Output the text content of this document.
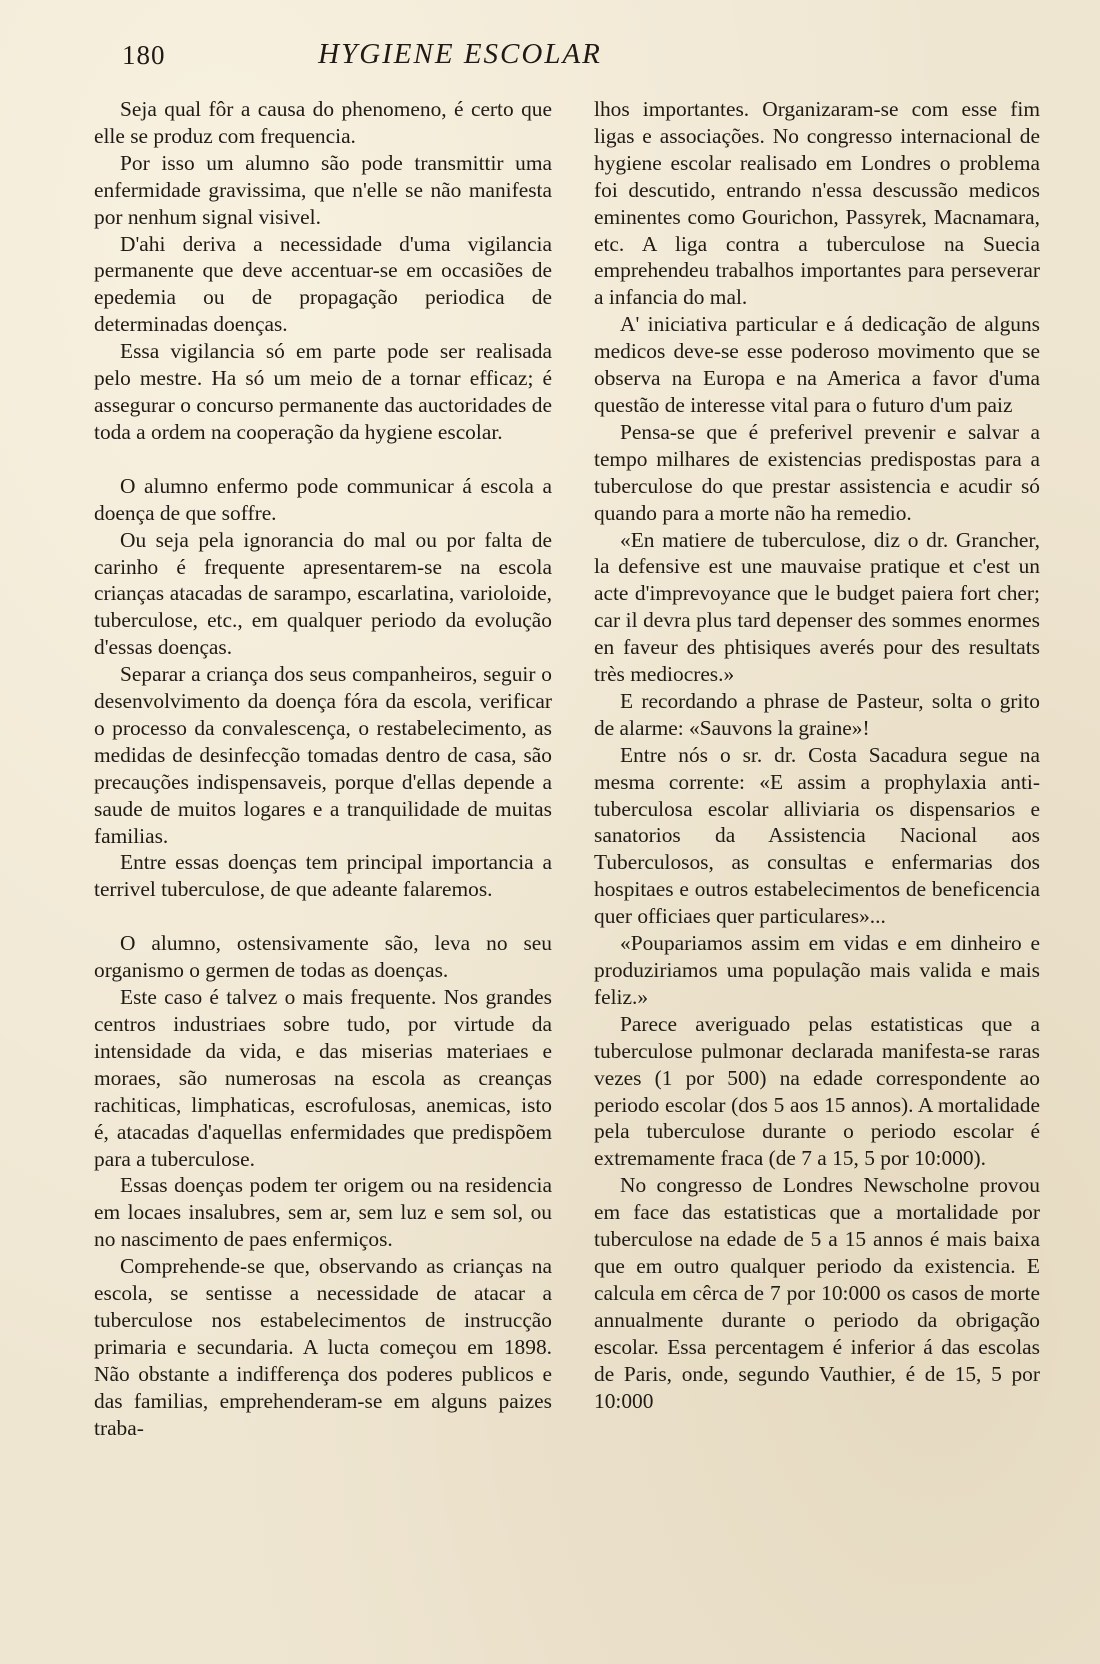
180	HYGIENE ESCOLAR

Seja qual fôr a causa do phenomeno, é certo que elle se produz com frequencia.

Por isso um alumno são pode transmittir uma enfermidade gravissima, que n'elle se não manifesta por nenhum signal visivel.

D'ahi deriva a necessidade d'uma vigilancia permanente que deve accentuar-se em occasiões de epedemia ou de propagação periodica de determinadas doenças.

Essa vigilancia só em parte pode ser realisada pelo mestre. Ha só um meio de a tornar efficaz; é assegurar o concurso permanente das auctoridades de toda a ordem na cooperação da hygiene escolar.

O alumno enfermo pode communicar á escola a doença de que soffre.

Ou seja pela ignorancia do mal ou por falta de carinho é frequente apresentarem-se na escola crianças atacadas de sarampo, escarlatina, varioloide, tuberculose, etc., em qualquer periodo da evolução d'essas doenças.

Separar a criança dos seus companheiros, seguir o desenvolvimento da doença fóra da escola, verificar o processo da convalescença, o restabelecimento, as medidas de desinfecção tomadas dentro de casa, são precauções indispensaveis, porque d'ellas depende a saude de muitos logares e a tranquilidade de muitas familias.

Entre essas doenças tem principal importancia a terrivel tuberculose, de que adeante falaremos.

O alumno, ostensivamente são, leva no seu organismo o germen de todas as doenças.

Este caso é talvez o mais frequente. Nos grandes centros industriaes sobre tudo, por virtude da intensidade da vida, e das miserias materiaes e moraes, são numerosas na escola as creanças rachiticas, limphaticas, escrofulosas, anemicas, isto é, atacadas d'aquellas enfermidades que predispõem para a tuberculose.

Essas doenças podem ter origem ou na residencia em locaes insalubres, sem ar, sem luz e sem sol, ou no nascimento de paes enfermiços.

Comprehende-se que, observando as crianças na escola, se sentisse a necessidade de atacar a tuberculose nos estabelecimentos de instrucção primaria e secundaria. A lucta começou em 1898. Não obstante a indifferença dos poderes publicos e das familias, emprehenderam-se em alguns paizes traba-

lhos importantes. Organizaram-se com esse fim ligas e associações. No congresso internacional de hygiene escolar realisado em Londres o problema foi descutido, entrando n'essa descussão medicos eminentes como Gourichon, Passyrek, Macnamara, etc. A liga contra a tuberculose na Suecia emprehendeu trabalhos importantes para perseverar a infancia do mal.

A' iniciativa particular e á dedicação de alguns medicos deve-se esse poderoso movimento que se observa na Europa e na America a favor d'uma questão de interesse vital para o futuro d'um paiz

Pensa-se que é preferivel prevenir e salvar a tempo milhares de existencias predispostas para a tuberculose do que prestar assistencia e acudir só quando para a morte não ha remedio.

«En matiere de tuberculose, diz o dr. Grancher, la defensive est une mauvaise pratique et c'est un acte d'imprevoyance que le budget paiera fort cher; car il devra plus tard depenser des sommes enormes en faveur des phtisiques averés pour des resultats très mediocres.»

E recordando a phrase de Pasteur, solta o grito de alarme: «Sauvons la graine»!

Entre nós o sr. dr. Costa Sacadura segue na mesma corrente: «E assim a prophylaxia anti-tuberculosa escolar alliviaria os dispensarios e sanatorios da Assistencia Nacional aos Tuberculosos, as consultas e enfermarias dos hospitaes e outros estabelecimentos de beneficencia quer officiaes quer particulares»...

«Poupariamos assim em vidas e em dinheiro e produziriamos uma população mais valida e mais feliz.»

Parece averiguado pelas estatisticas que a tuberculose pulmonar declarada manifesta-se raras vezes (1 por 500) na edade correspondente ao periodo escolar (dos 5 aos 15 annos). A mortalidade pela tuberculose durante o periodo escolar é extremamente fraca (de 7 a 15, 5 por 10:000).

No congresso de Londres Newscholne provou em face das estatisticas que a mortalidade por tuberculose na edade de 5 a 15 annos é mais baixa que em outro qualquer periodo da existencia. E calcula em cêrca de 7 por 10:000 os casos de morte annualmente durante o periodo da obrigação escolar. Essa percentagem é inferior á das escolas de Paris, onde, segundo Vauthier, é de 15, 5 por 10:000
